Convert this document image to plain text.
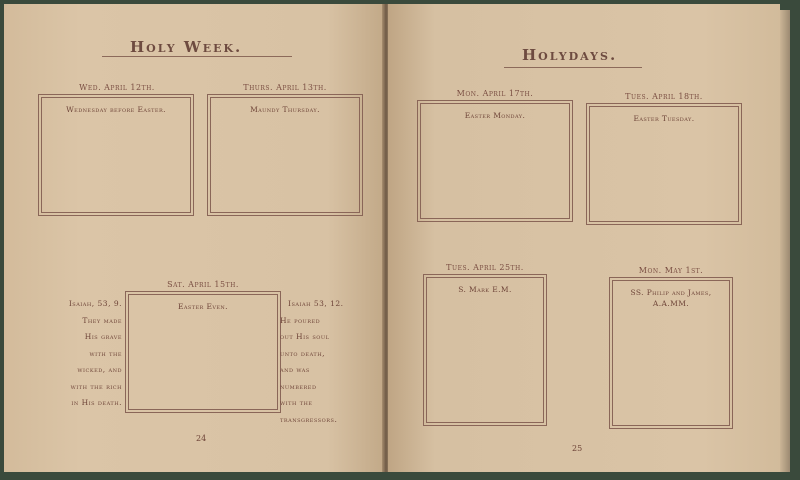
Holy Week.
Wed. April 12th.
Wednesday before Easter.
Thurs. April 13th.
Maundy Thursday.
Sat. April 15th.
Easter Even.
Isaiah, 53, 9.
They made
His grave
with the
wicked, and
with the rich
in His death.
Isaiah 53, 12.
He poured
out His soul
unto death,
and was
numbered
with the
transgressors.
24
Holydays.
Mon. April 17th.
Easter Monday.
Tues. April 18th.
Easter Tuesday.
Tues. April 25th.
S. Mark E.M.
Mon. May 1st.
SS. Philip and James, A.A.MM.
25
